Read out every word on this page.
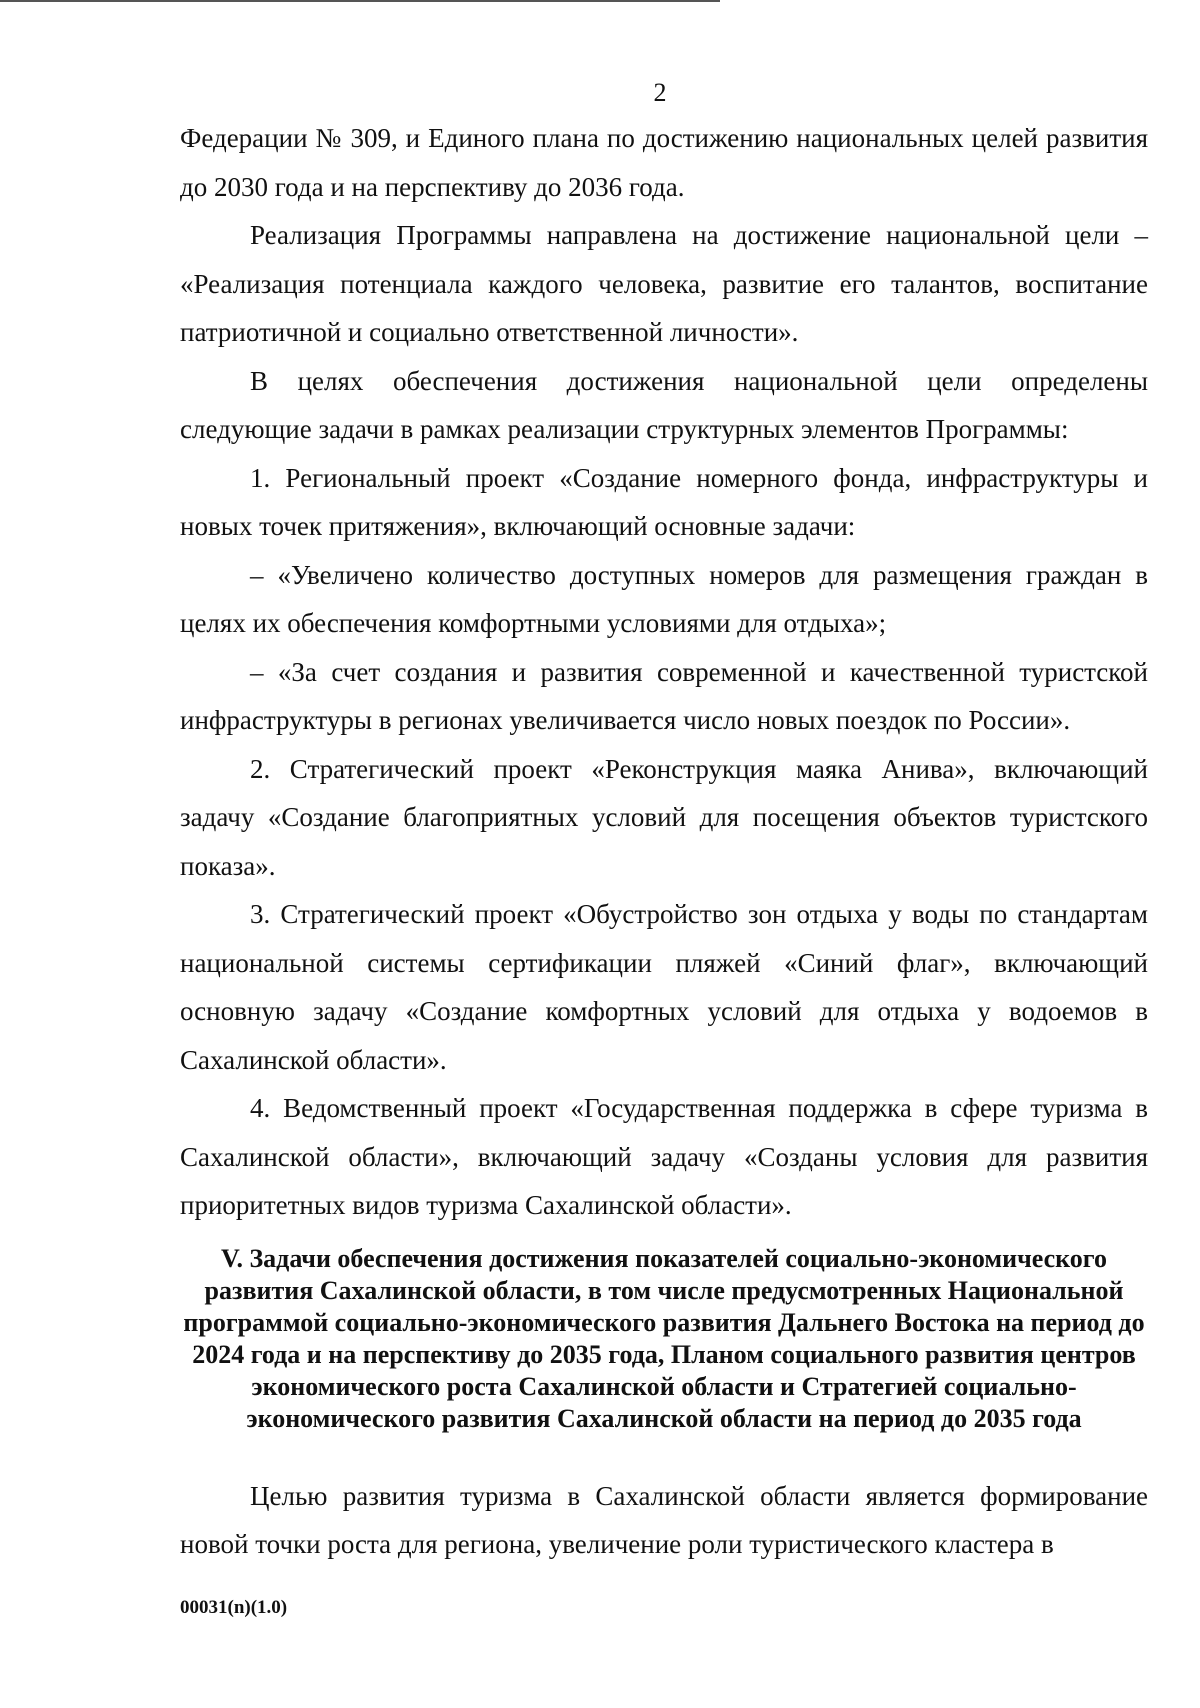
2

Федерации № 309, и Единого плана по достижению национальных целей развития до 2030 года и на перспективу до 2036 года.

Реализация Программы направлена на достижение национальной цели – «Реализация потенциала каждого человека, развитие его талантов, воспитание патриотичной и социально ответственной личности».

В целях обеспечения достижения национальной цели определены следующие задачи в рамках реализации структурных элементов Программы:

1. Региональный проект «Создание номерного фонда, инфраструктуры и новых точек притяжения», включающий основные задачи:

– «Увеличено количество доступных номеров для размещения граждан в целях их обеспечения комфортными условиями для отдыха»;

– «За счет создания и развития современной и качественной туристской инфраструктуры в регионах увеличивается число новых поездок по России».

2. Стратегический проект «Реконструкция маяка Анива», включающий задачу «Создание благоприятных условий для посещения объектов туристского показа».

3. Стратегический проект «Обустройство зон отдыха у воды по стандартам национальной системы сертификации пляжей «Синий флаг», включающий основную задачу «Создание комфортных условий для отдыха у водоемов в Сахалинской области».

4. Ведомственный проект «Государственная поддержка в сфере туризма в Сахалинской области», включающий задачу «Созданы условия для развития приоритетных видов туризма Сахалинской области».

V. Задачи обеспечения достижения показателей социально-экономического развития Сахалинской области, в том числе предусмотренных Национальной программой социально-экономического развития Дальнего Востока на период до 2024 года и на перспективу до 2035 года, Планом социального развития центров экономического роста Сахалинской области и Стратегией социально-экономического развития Сахалинской области на период до 2035 года

Целью развития туризма в Сахалинской области является формирование новой точки роста для региона, увеличение роли туристического кластера в

00031(n)(1.0)
